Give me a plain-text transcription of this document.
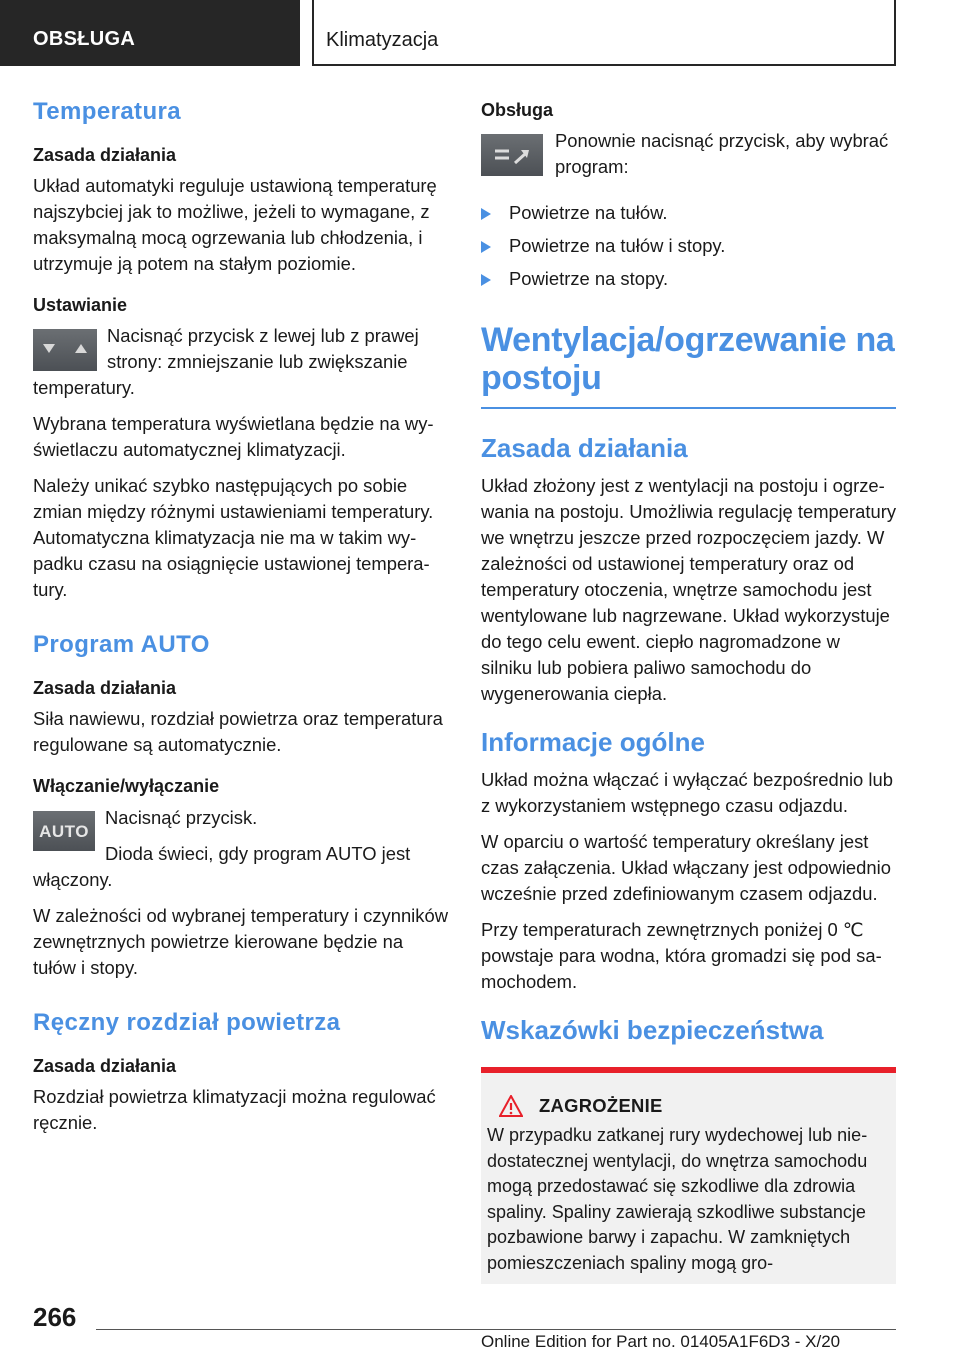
OBSŁUGA	Klimatyzacja
Temperatura
Zasada działania

Układ automatyki reguluje ustawioną temperaturę najszybciej jak to możliwe, jeżeli to wymagane, z maksymalną mocą ogrzewania lub chłodzenia, i utrzymuje ją potem na stałym poziomie.

Ustawianie

Nacisnąć przycisk z lewej lub z prawej strony: zmniejszanie lub zwiększanie temperatury.

Wybrana temperatura wyświetlana będzie na wyświetlaczu automatycznej klimatyzacji.

Należy unikać szybko następujących po sobie zmian między różnymi ustawieniami temperatury. Automatyczna klimatyzacja nie ma w takim wypadku czasu na osiągnięcie ustawionej temperatury.

Program AUTO
Zasada działania

Siła nawiewu, rozdział powietrza oraz temperatura regulowane są automatycznie.

Włączanie/wyłączanie
AUTO

Nacisnąć przycisk.

Dioda świeci, gdy program AUTO jest włączony.

W zależności od wybranej temperatury i czynników zewnętrznych powietrze kierowane będzie na tułów i stopy.

Ręczny rozdział powietrza
Zasada działania

Rozdział powietrza klimatyzacji można regulować ręcznie.

Obsługa

Ponownie nacisnąć przycisk, aby wybrać program:

Powietrze na tułów.
Powietrze na tułów i stopy.
Powietrze na stopy.
Wentylacja/ogrzewanie na postoju
Zasada działania

Układ złożony jest z wentylacji na postoju i ogrzewania na postoju. Umożliwia regulację temperatury we wnętrzu jeszcze przed rozpoczęciem jazdy. W zależności od ustawionej temperatury oraz od temperatury otoczenia, wnętrze samochodu jest wentylowane lub nagrzewane. Układ wykorzystuje do tego celu ewent. ciepło nagromadzone w silniku lub pobiera paliwo samochodu do wygenerowania ciepła.

Informacje ogólne

Układ można włączać i wyłączać bezpośrednio lub z wykorzystaniem wstępnego czasu odjazdu.

W oparciu o wartość temperatury określany jest czas załączenia. Układ włączany jest odpowiednio wcześnie przed zdefiniowanym czasem odjazdu.

Przy temperaturach zewnętrznych poniżej 0 ℃ powstaje para wodna, która gromadzi się pod samochodem.

Wskazówki bezpieczeństwa
ZAGROŻENIE

W przypadku zatkanej rury wydechowej lub niedostatecznej wentylacji, do wnętrza samochodu mogą przedostawać się szkodliwe dla zdrowia spaliny. Spaliny zawierają szkodliwe substancje pozbawione barwy i zapachu. W zamkniętych pomieszczeniach spaliny mogą gro-

266
Online Edition for Part no. 01405A1F6D3 - X/20
